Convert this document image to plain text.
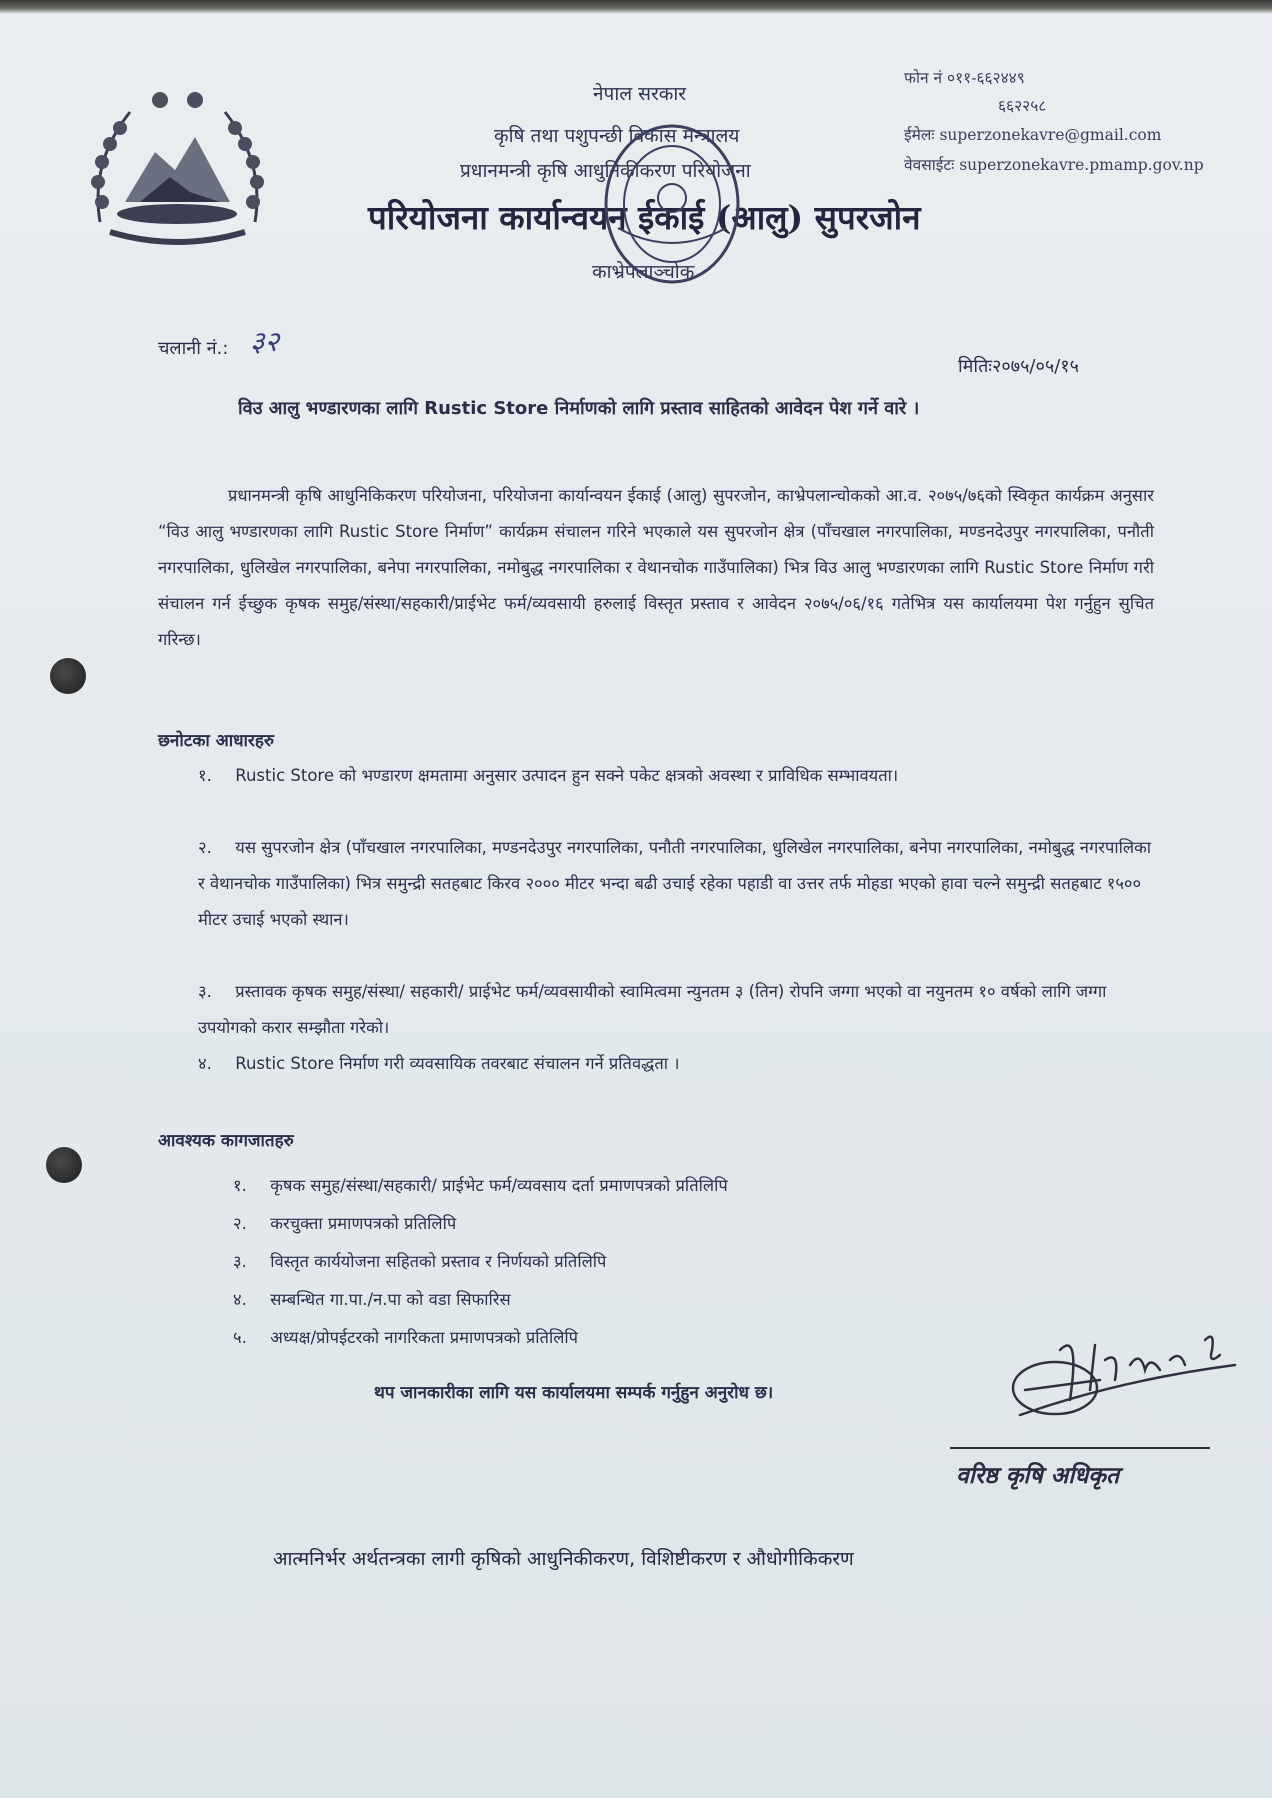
नेपाल सरकार
कृषि तथा पशुपन्छी विकास मन्त्रालय
प्रधानमन्त्री कृषि आधुनिकीकरण परियोजना
परियोजना कार्यान्वयन ईकाई (आलु) सुपरजोन
काभ्रेपलाञ्चोक
फोन नं ०११-६६२४४९
६६२२५८
ईमेलः superzonekavre@gmail.com
वेवसाईटः superzonekavre.pmamp.gov.np
चलानी नं.: ३२
मितिः२०७५/०५/१५
विउ आलु भण्डारणका लागि Rustic Store निर्माणको लागि प्रस्ताव साहितको आवेदन पेश गर्ने वारे ।
प्रधानमन्त्री कृषि आधुनिकिकरण परियोजना, परियोजना कार्यान्वयन ईकाई (आलु) सुपरजोन, काभ्रेपलान्चोकको आ.व. २०७५/७६को स्विकृत कार्यक्रम अनुसार “विउ आलु भण्डारणका लागि Rustic Store निर्माण” कार्यक्रम संचालन गरिने भएकाले यस सुपरजोन क्षेत्र (पाँचखाल नगरपालिका, मण्डनदेउपुर नगरपालिका, पनौती नगरपालिका, धुलिखेल नगरपालिका, बनेपा नगरपालिका, नमोबुद्ध नगरपालिका र वेथानचोक गाउँपालिका) भित्र विउ आलु भण्डारणका लागि Rustic Store निर्माण गरी संचालन गर्न ईच्छुक कृषक समुह/संस्था/सहकारी/प्राईभेट फर्म/व्यवसायी हरुलाई विस्तृत प्रस्ताव र आवेदन २०७५/०६/१६ गतेभित्र यस कार्यालयमा पेश गर्नुहुन सुचित गरिन्छ।
छनोटका आधारहरु
१. Rustic Store को भण्डारण क्षमतामा अनुसार उत्पादन हुन सक्ने पकेट क्षत्रको अवस्था र प्राविधिक सम्भावयता।
२. यस सुपरजोन क्षेत्र (पाँचखाल नगरपालिका, मण्डनदेउपुर नगरपालिका, पनौती नगरपालिका, धुलिखेल नगरपालिका, बनेपा नगरपालिका, नमोबुद्ध नगरपालिका र वेथानचोक गाउँपालिका) भित्र समुन्द्री सतहबाट किरव २००० मीटर भन्दा बढी उचाई रहेका पहाडी वा उत्तर तर्फ मोहडा भएको हावा चल्ने समुन्द्री सतहबाट १५०० मीटर उचाई भएको स्थान।
३. प्रस्तावक कृषक समुह/संस्था/ सहकारी/ प्राईभेट फर्म/व्यवसायीको स्वामित्वमा न्युनतम ३ (तिन) रोपनि जग्गा भएको वा नयुनतम १० वर्षको लागि जग्गा उपयोगको करार सम्झौता गरेको।
४. Rustic Store निर्माण गरी व्यवसायिक तवरबाट संचालन गर्ने प्रतिवद्धता ।
आवश्यक कागजातहरु
१. कृषक समुह/संस्था/सहकारी/ प्राईभेट फर्म/व्यवसाय दर्ता प्रमाणपत्रको प्रतिलिपि
२. करचुक्ता प्रमाणपत्रको प्रतिलिपि
३. विस्तृत कार्ययोजना सहितको प्रस्ताव र निर्णयको प्रतिलिपि
४. सम्बन्धित गा.पा./न.पा को वडा सिफारिस
५. अध्यक्ष/प्रोपईटरको नागरिकता प्रमाणपत्रको प्रतिलिपि
थप जानकारीका लागि यस कार्यालयमा सम्पर्क गर्नुहुन अनुरोध छ।
वरिष्ठ कृषि अधिकृत
आत्मनिर्भर अर्थतन्त्रका लागी कृषिको आधुनिकीकरण, विशिष्टीकरण र औधोगीकिकरण
